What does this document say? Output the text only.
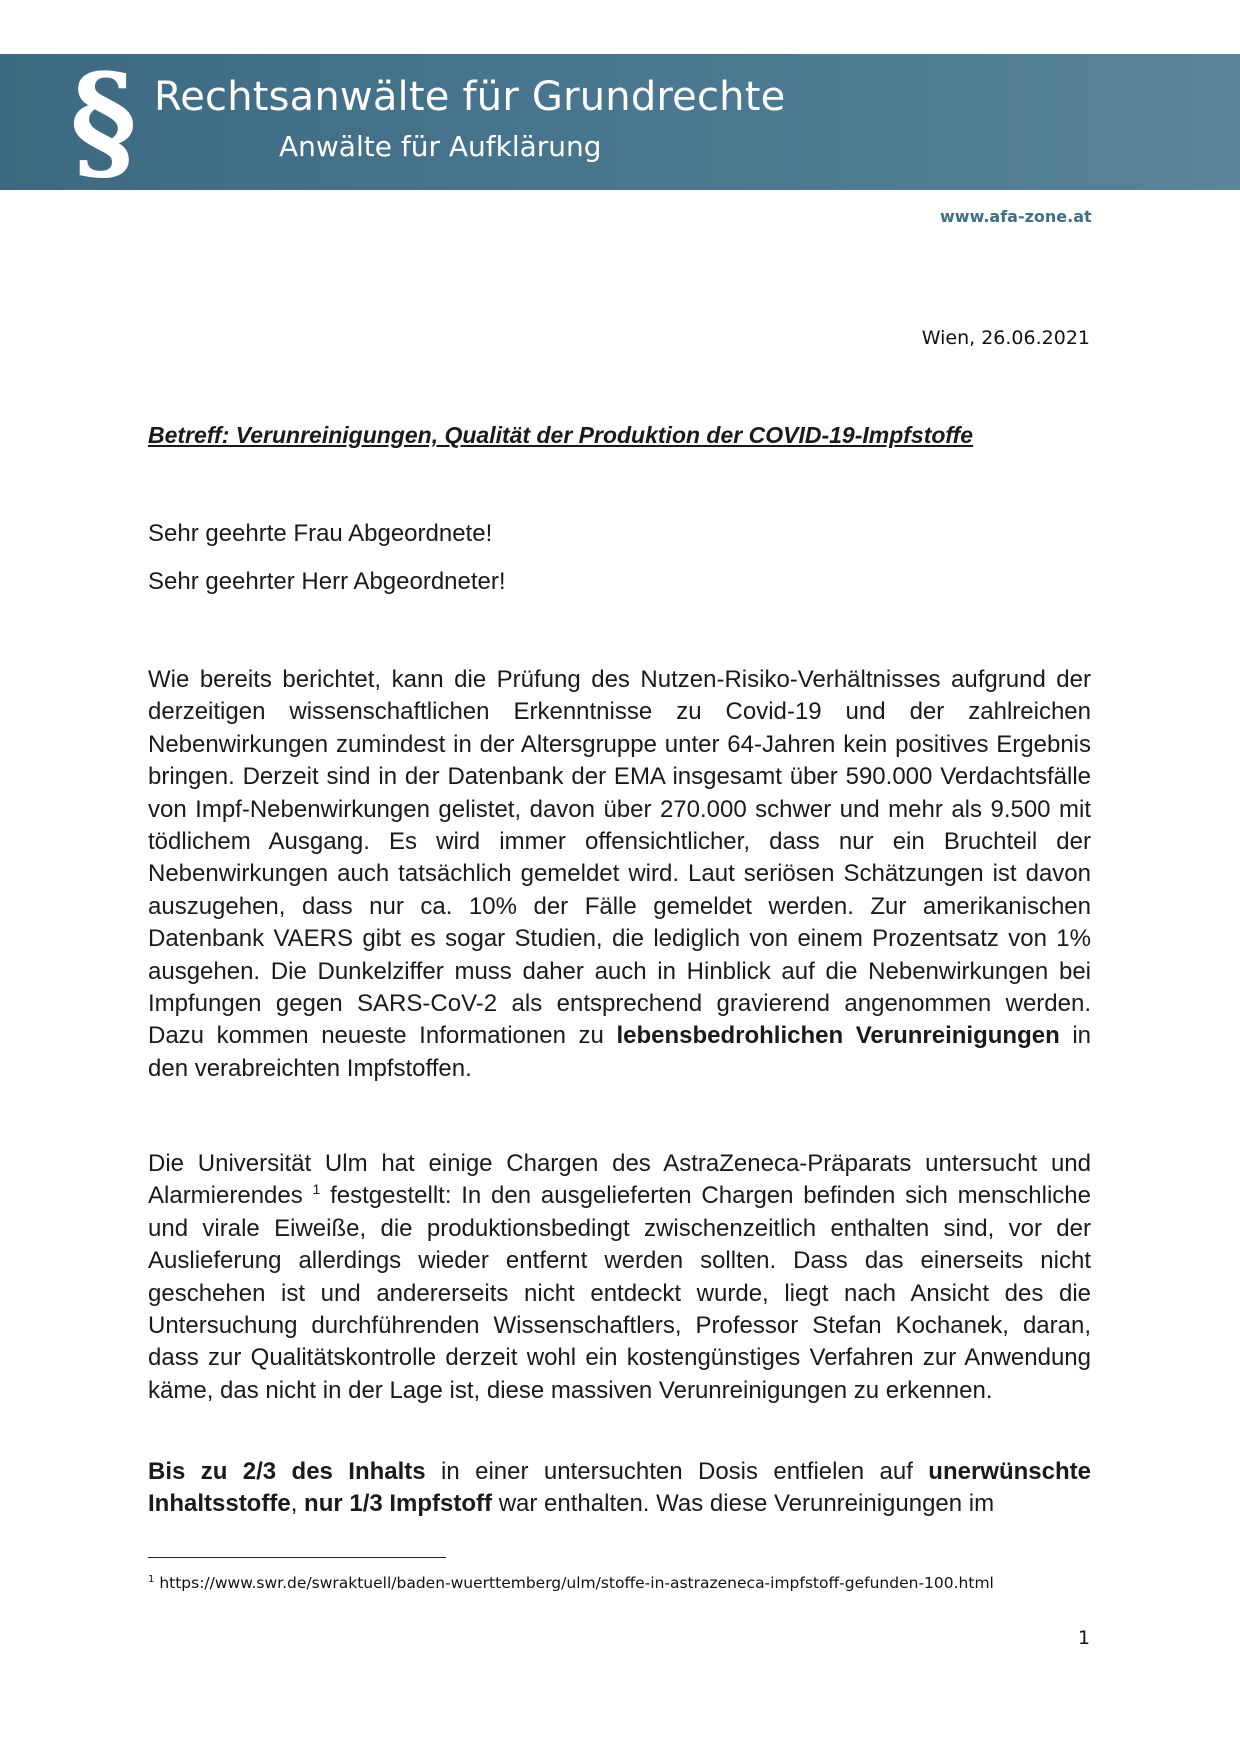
§ Rechtsanwälte für Grundrechte
Anwälte für Aufklärung
www.afa-zone.at
Wien, 26.06.2021
Betreff: Verunreinigungen, Qualität der Produktion der COVID-19-Impfstoffe
Sehr geehrte Frau Abgeordnete!
Sehr geehrter Herr Abgeordneter!
Wie bereits berichtet, kann die Prüfung des Nutzen-Risiko-Verhältnisses aufgrund der derzeitigen wissenschaftlichen Erkenntnisse zu Covid-19 und der zahlreichen Nebenwirkungen zumindest in der Altersgruppe unter 64-Jahren kein positives Ergebnis bringen. Derzeit sind in der Datenbank der EMA insgesamt über 590.000 Verdachtsfälle von Impf-Nebenwirkungen gelistet, davon über 270.000 schwer und mehr als 9.500 mit tödlichem Ausgang. Es wird immer offensichtlicher, dass nur ein Bruchteil der Nebenwirkungen auch tatsächlich gemeldet wird. Laut seriösen Schätzungen ist davon auszugehen, dass nur ca. 10% der Fälle gemeldet werden. Zur amerikanischen Datenbank VAERS gibt es sogar Studien, die lediglich von einem Prozentsatz von 1% ausgehen. Die Dunkelziffer muss daher auch in Hinblick auf die Nebenwirkungen bei Impfungen gegen SARS-CoV-2 als entsprechend gravierend angenommen werden. Dazu kommen neueste Informationen zu lebensbedrohlichen Verunreinigungen in den verabreichten Impfstoffen.
Die Universität Ulm hat einige Chargen des AstraZeneca-Präparats untersucht und Alarmierendes $^1$ festgestellt: In den ausgelieferten Chargen befinden sich menschliche und virale Eiweiße, die produktionsbedingt zwischenzeitlich enthalten sind, vor der Auslieferung allerdings wieder entfernt werden sollten. Dass das einerseits nicht geschehen ist und andererseits nicht entdeckt wurde, liegt nach Ansicht des die Untersuchung durchführenden Wissenschaftlers, Professor Stefan Kochanek, daran, dass zur Qualitätskontrolle derzeit wohl ein kostengünstiges Verfahren zur Anwendung käme, das nicht in der Lage ist, diese massiven Verunreinigungen zu erkennen.
Bis zu 2/3 des Inhalts in einer untersuchten Dosis entfielen auf unerwünschte Inhaltsstoffe, nur 1/3 Impfstoff war enthalten. Was diese Verunreinigungen im
$^1$ https://www.swr.de/swraktuell/baden-wuerttemberg/ulm/stoffe-in-astrazeneca-impfstoff-gefunden-100.html
1
